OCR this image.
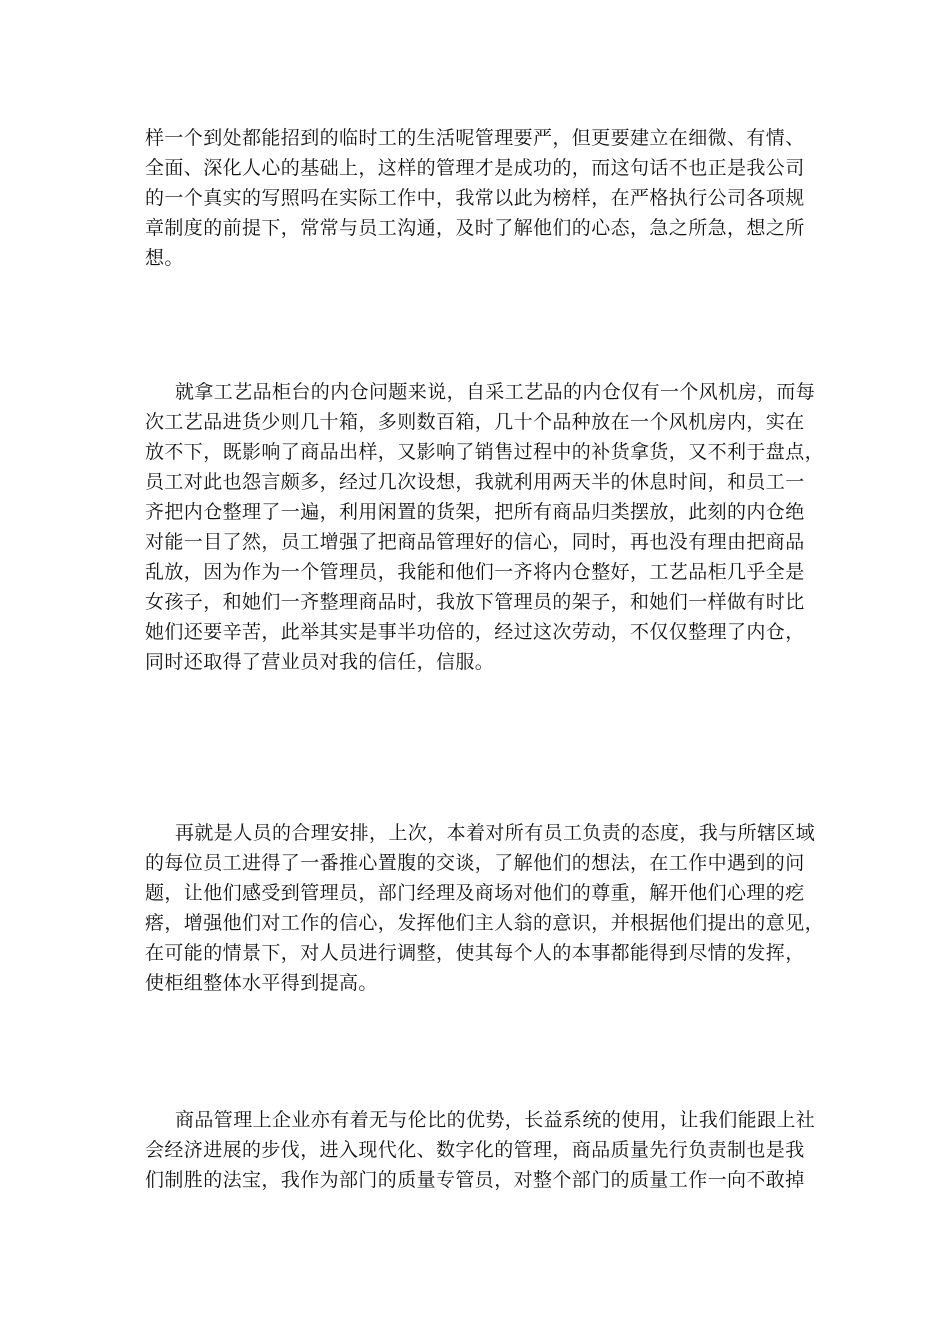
样一个到处都能招到的临时工的生活呢管理要严，但更要建立在细微、有情、
全面、深化人心的基础上，这样的管理才是成功的，而这句话不也正是我公司
的一个真实的写照吗在实际工作中，我常以此为榜样，在严格执行公司各项规
章制度的前提下，常常与员工沟通，及时了解他们的心态，急之所急，想之所
想。
就拿工艺品柜台的内仓问题来说，自采工艺品的内仓仅有一个风机房，而每
次工艺品进货少则几十箱，多则数百箱，几十个品种放在一个风机房内，实在
放不下，既影响了商品出样，又影响了销售过程中的补货拿货，又不利于盘点，
员工对此也怨言颇多，经过几次设想，我就利用两天半的休息时间，和员工一
齐把内仓整理了一遍，利用闲置的货架，把所有商品归类摆放，此刻的内仓绝
对能一目了然，员工增强了把商品管理好的信心，同时，再也没有理由把商品
乱放，因为作为一个管理员，我能和他们一齐将内仓整好，工艺品柜几乎全是
女孩子，和她们一齐整理商品时，我放下管理员的架子，和她们一样做有时比
她们还要辛苦，此举其实是事半功倍的，经过这次劳动，不仅仅整理了内仓，
同时还取得了营业员对我的信任，信服。
再就是人员的合理安排，上次，本着对所有员工负责的态度，我与所辖区域
的每位员工进得了一番推心置腹的交谈，了解他们的想法，在工作中遇到的问
题，让他们感受到管理员，部门经理及商场对他们的尊重，解开他们心理的疙
瘩，增强他们对工作的信心，发挥他们主人翁的意识，并根据他们提出的意见，
在可能的情景下，对人员进行调整，使其每个人的本事都能得到尽情的发挥，
使柜组整体水平得到提高。
商品管理上企业亦有着无与伦比的优势，长益系统的使用，让我们能跟上社
会经济进展的步伐，进入现代化、数字化的管理，商品质量先行负责制也是我
们制胜的法宝，我作为部门的质量专管员，对整个部门的质量工作一向不敢掉
